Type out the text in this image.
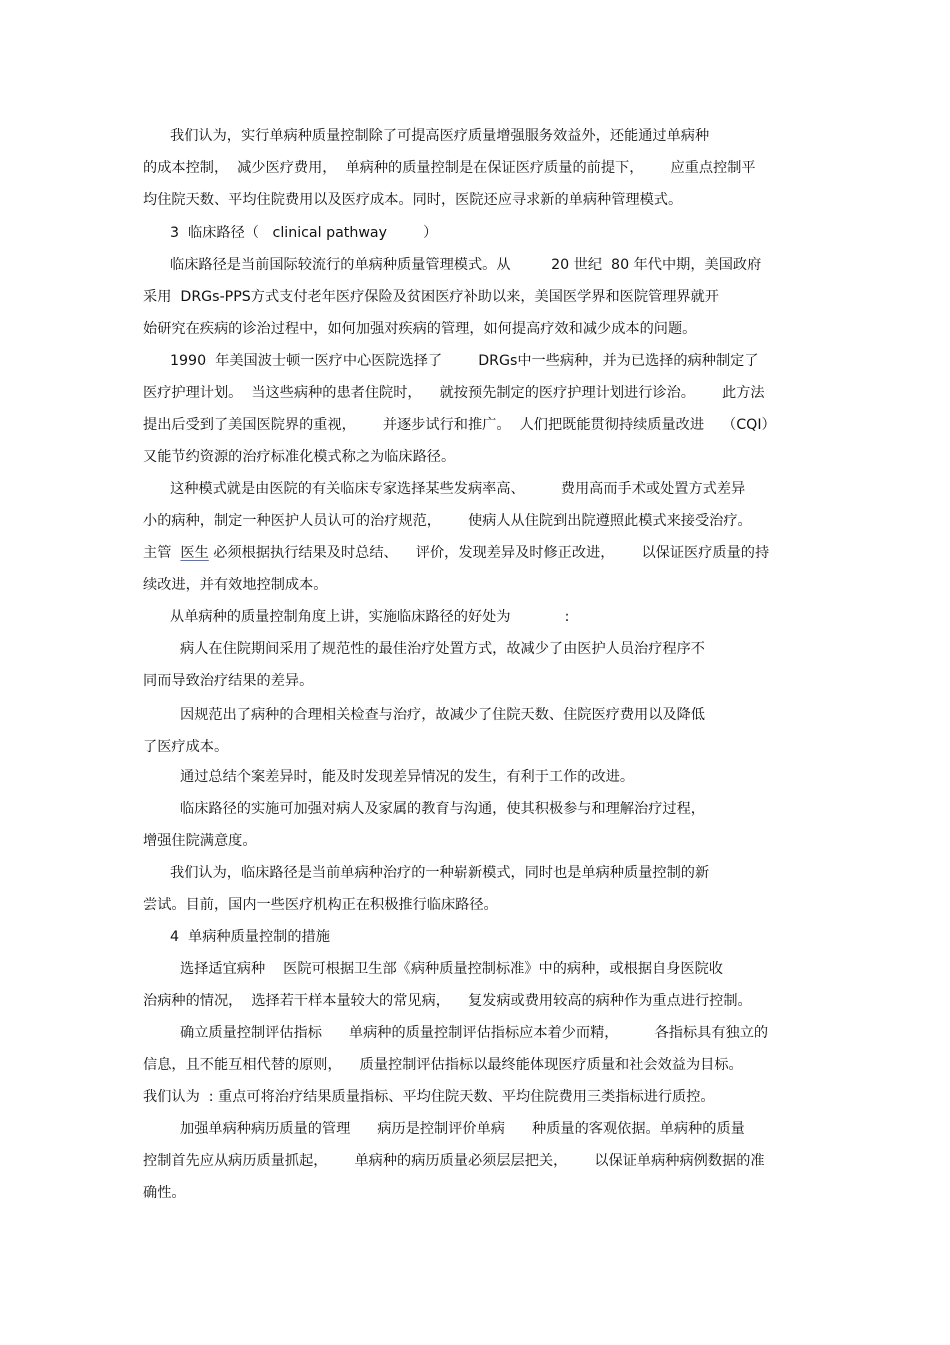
我们认为，实行单病种质量控制除了可提高医疗质量增强服务效益外，还能通过单病种
的成本控制，  减少医疗费用，  单病种的质量控制是在保证医疗质量的前提下，      应重点控制平
均住院天数、平均住院费用以及医疗成本。同时，医院还应寻求新的单病种管理模式。
3  临床路径（   clinical pathway        ）
临床路径是当前国际较流行的单病种质量管理模式。从         20 世纪  80 年代中期，美国政府
采用  DRGs-PPS方式支付老年医疗保险及贫困医疗补助以来，美国医学界和医院管理界就开
始研究在疾病的诊治过程中，如何加强对疾病的管理，如何提高疗效和减少成本的问题。
1990  年美国波士顿一医疗中心医院选择了        DRGs中一些病种，并为已选择的病种制定了
医疗护理计划。  当这些病种的患者住院时，    就按预先制定的医疗护理计划进行诊治。      此方法
提出后受到了美国医院界的重视，      并逐步试行和推广。  人们把既能贯彻持续质量改进    （CQI）
又能节约资源的治疗标准化模式称之为临床路径。
这种模式就是由医院的有关临床专家选择某些发病率高、        费用高而手术或处置方式差异
小的病种，制定一种医护人员认可的治疗规范，      使病人从住院到出院遵照此模式来接受治疗。
主管  医生 必须根据执行结果及时总结、    评价，发现差异及时修正改进，      以保证医疗质量的持
续改进，并有效地控制成本。
从单病种的质量控制角度上讲，实施临床路径的好处为            :
病人在住院期间采用了规范性的最佳治疗处置方式，故减少了由医护人员治疗程序不
同而导致治疗结果的差异。
因规范出了病种的合理相关检查与治疗，故减少了住院天数、住院医疗费用以及降低
了医疗成本。
通过总结个案差异时，能及时发现差异情况的发生，有利于工作的改进。
临床路径的实施可加强对病人及家属的教育与沟通，使其积极参与和理解治疗过程，
增强住院满意度。
我们认为，临床路径是当前单病种治疗的一种崭新模式，同时也是单病种质量控制的新
尝试。目前，国内一些医疗机构正在积极推行临床路径。
4  单病种质量控制的措施
选择适宜病种    医院可根据卫生部《病种质量控制标准》中的病种，或根据自身医院收
治病种的情况，  选择若干样本量较大的常见病，    复发病或费用较高的病种作为重点进行控制。
确立质量控制评估指标      单病种的质量控制评估指标应本着少而精，        各指标具有独立的
信息，且不能互相代替的原则，    质量控制评估指标以最终能体现医疗质量和社会效益为目标。
我们认为  : 重点可将治疗结果质量指标、平均住院天数、平均住院费用三类指标进行质控。
加强单病种病历质量的管理      病历是控制评价单病      种质量的客观依据。单病种的质量
控制首先应从病历质量抓起，      单病种的病历质量必须层层把关，      以保证单病种病例数据的准
确性。
